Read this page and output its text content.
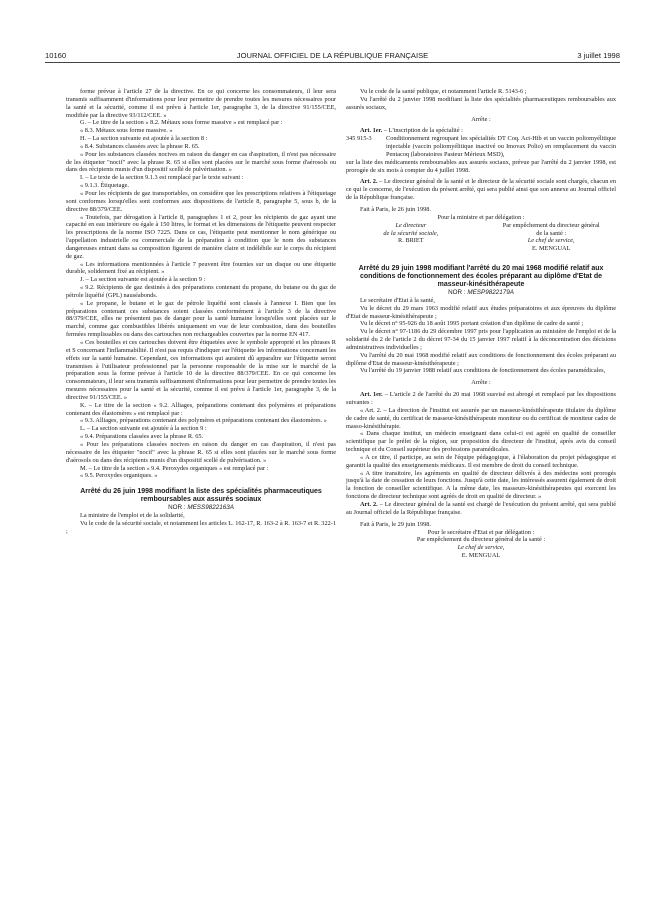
10160	JOURNAL OFFICIEL DE LA RÉPUBLIQUE FRANÇAISE	3 juillet 1998

forme prévue à l'article 27 de la directive. En ce qui concerne les consommateurs, il leur sera transmis suffisamment d'informations pour leur permettre de prendre toutes les mesures nécessaires pour la santé et la sécurité, comme il est prévu à l'article 1er, paragraphe 3, de la directive 91/155/CEE, modifiée par la directive 93/112/CEE. »

G. – Le titre de la section « 8.2. Métaux sous forme massive » est remplacé par :

« 8.3. Métaux sous forme massive. »

H. – La section suivante est ajoutée à la section 8 :

« 8.4. Substances classées avec la phrase R. 65.

« Pour les substances classées nocives en raison du danger en cas d'aspiration, il n'est pas nécessaire de les étiqueter "nocif" avec la phrase R. 65 si elles sont placées sur le marché sous forme d'aérosols ou dans des récipients munis d'un dispositif scellé de pulvérisation. »

I. – Le texte de la section 9.1.3 est remplacé par le texte suivant :

« 9.1.3. Étiquetage.

« Pour les récipients de gaz transportables, on considère que les prescriptions relatives à l'étiquetage sont conformes lorsqu'elles sont conformes aux dispositions de l'article 8, paragraphe 5, sous b, de la directive 88/379/CEE.

« Toutefois, par dérogation à l'article 8, paragraphes 1 et 2, pour les récipients de gaz ayant une capacité en eau intérieure ou égale à 150 litres, le format et les dimensions de l'étiquette peuvent respecter les prescriptions de la norme ISO 7225. Dans ce cas, l'étiquette peut mentionner le nom générique ou l'appellation industrielle ou commerciale de la préparation à condition que le nom des substances dangereuses entrant dans sa composition figurent de manière claire et indélébile sur le corps du récipient de gaz.

« Les informations mentionnées à l'article 7 peuvent être fournies sur un disque ou une étiquette durable, solidement fixé au récipient. »

J. – La section suivante est ajoutée à la section 9 :

« 9.2. Récipients de gaz destinés à des préparations contenant du propane, du butane ou du gaz de pétrole liquéfié (GPL) nauséabonds.

« Le propane, le butane et le gaz de pétrole liquéfié sont classés à l'annexe I. Bien que les préparations contenant ces substances soient classées conformément à l'article 3 de la directive 88/379/CEE, elles ne présentent pas de danger pour la santé humaine lorsqu'elles sont placées sur le marché, comme gaz combustibles libérés uniquement en vue de leur combustion, dans des bouteilles fermées remplissables ou dans des cartouches non rechargeables couvertes par la norme EN 417.

« Ces bouteilles et ces cartouches doivent être étiquetées avec le symbole approprié et les phrases R et S concernant l'inflammabilité. Il n'est pas requis d'indiquer sur l'étiquette les informations concernant les effets sur la santé humaine. Cependant, ces informations qui auraient dû apparaître sur l'étiquette seront transmises à l'utilisateur professionnel par la personne responsable de la mise sur le marché de la préparation sous la forme prévue à l'article 10 de la directive 88/379/CEE. En ce qui concerne les consommateurs, il leur sera transmis suffisamment d'informations pour leur permettre de prendre toutes les mesures nécessaires pour la santé et la sécurité, comme il est prévu à l'article 1er, paragraphe 3, de la directive 91/155/CEE. »

K. – Le titre de la section « 9.2. Alliages, préparations contenant des polymères et préparations contenant des élastomères » est remplacé par :

« 9.3. Alliages, préparations contenant des polymères et préparations contenant des élastomères. »

L. – La section suivante est ajoutée à la section 9 :

« 9.4. Préparations classées avec la phrase R. 65.

« Pour les préparations classées nocives en raison du danger en cas d'aspiration, il n'est pas nécessaire de les étiqueter "nocif" avec la phrase R. 65 si elles sont placées sur le marché sous forme d'aérosols ou dans des récipients munis d'un dispositif scellé de pulvérisation. »

M. – Le titre de la section « 9.4. Peroxydes organiques » est remplacé par :

« 9.5. Peroxydes organiques. »

Arrêté du 26 juin 1998 modifiant la liste des spécialités pharmaceutiques remboursables aux assurés sociaux

NOR : MESS9822163A

La ministre de l'emploi et de la solidarité,

Vu le code de la sécurité sociale, et notamment les articles L. 162-17, R. 163-2 à R. 163-7 et R. 322-1 ;

Vu le code de la santé publique, et notamment l'article R. 5143-6 ;

Vu l'arrêté du 2 janvier 1998 modifiant la liste des spécialités pharmaceutiques remboursables aux assurés sociaux,

Arrête :

Art. 1er. – L'inscription de la spécialité :

345 915-3	Conditionnement regroupant les spécialités DT Coq. Act-Hib et un vaccin poliomyélitique injectable (vaccin poliomyélitique inactivé ou Imovax Polio) en remplacement du vaccin Pentacoq (laboratoires Pasteur Mérieux MSD),

sur la liste des médicaments remboursables aux assurés sociaux, prévue par l'arrêté du 2 janvier 1998, est prorogée de six mois à compter du 4 juillet 1998.

Art. 2. – Le directeur général de la santé et le directeur de la sécurité sociale sont chargés, chacun en ce qui le concerne, de l'exécution du présent arrêté, qui sera publié ainsi que son annexe au Journal officiel de la République française.

Fait à Paris, le 26 juin 1998.

Pour la ministre et par délégation :

Le directeur

de la sécurité sociale,

R. BRIET

Par empêchement du directeur général

de la santé :

Le chef de service,

E. MENGUAL

Arrêté du 29 juin 1998 modifiant l'arrêté du 20 mai 1968 modifié relatif aux conditions de fonctionnement des écoles préparant au diplôme d'Etat de masseur-kinésithérapeute

NOR : MESP9822179A

Le secrétaire d'Etat à la santé,

Vu le décret du 29 mars 1963 modifié relatif aux études préparatoires et aux épreuves du diplôme d'Etat de masseur-kinésithérapeute ;

Vu le décret n° 95-926 du 18 août 1995 portant création d'un diplôme de cadre de santé ;

Vu le décret n° 97-1186 du 29 décembre 1997 pris pour l'application au ministère de l'emploi et de la solidarité du 2 de l'article 2 du décret 97-34 du 15 janvier 1997 relatif à la déconcentration des décisions administratives individuelles ;

Vu l'arrêté du 20 mai 1968 modifié relatif aux conditions de fonctionnement des écoles préparant au diplôme d'Etat de masseur-kinésithérapeute ;

Vu l'arrêté du 19 janvier 1988 relatif aux conditions de fonctionnement des écoles paramédicales,

Arrête :

Art. 1er. – L'article 2 de l'arrêté du 20 mai 1968 susvisé est abrogé et remplacé par les dispositions suivantes :

« Art. 2. – La direction de l'institut est assurée par un masseur-kinésithérapeute titulaire du diplôme de cadre de santé, du certificat de masseur-kinésithérapeute moniteur ou du certificat de moniteur cadre de masso-kinésithérapie.

« Dans chaque institut, un médecin enseignant dans celui-ci est agréé en qualité de conseiller scientifique par le préfet de la région, sur proposition du directeur de l'institut, après avis du conseil technique et du Conseil supérieur des professions paramédicales.

« A ce titre, il participe, au sein de l'équipe pédagogique, à l'élaboration du projet pédagogique et garantit la qualité des enseignements médicaux. Il est membre de droit du conseil technique.

« A titre transitoire, les agréments en qualité de directeur délivrés à des médecins sont prorogés jusqu'à la date de cessation de leurs fonctions. Jusqu'à cette date, les intéressés assurent également de droit la fonction de conseiller scientifique. A la même date, les masseurs-kinésithérapeutes qui exercent les fonctions de directeur technique sont agréés de droit en qualité de directeur. »

Art. 2. – Le directeur général de la santé est chargé de l'exécution du présent arrêté, qui sera publié au Journal officiel de la République française.

Fait à Paris, le 29 juin 1998.

Pour le secrétaire d'Etat et par délégation :

Par empêchement du directeur général de la santé :

Le chef de service,

E. MENGUAL
